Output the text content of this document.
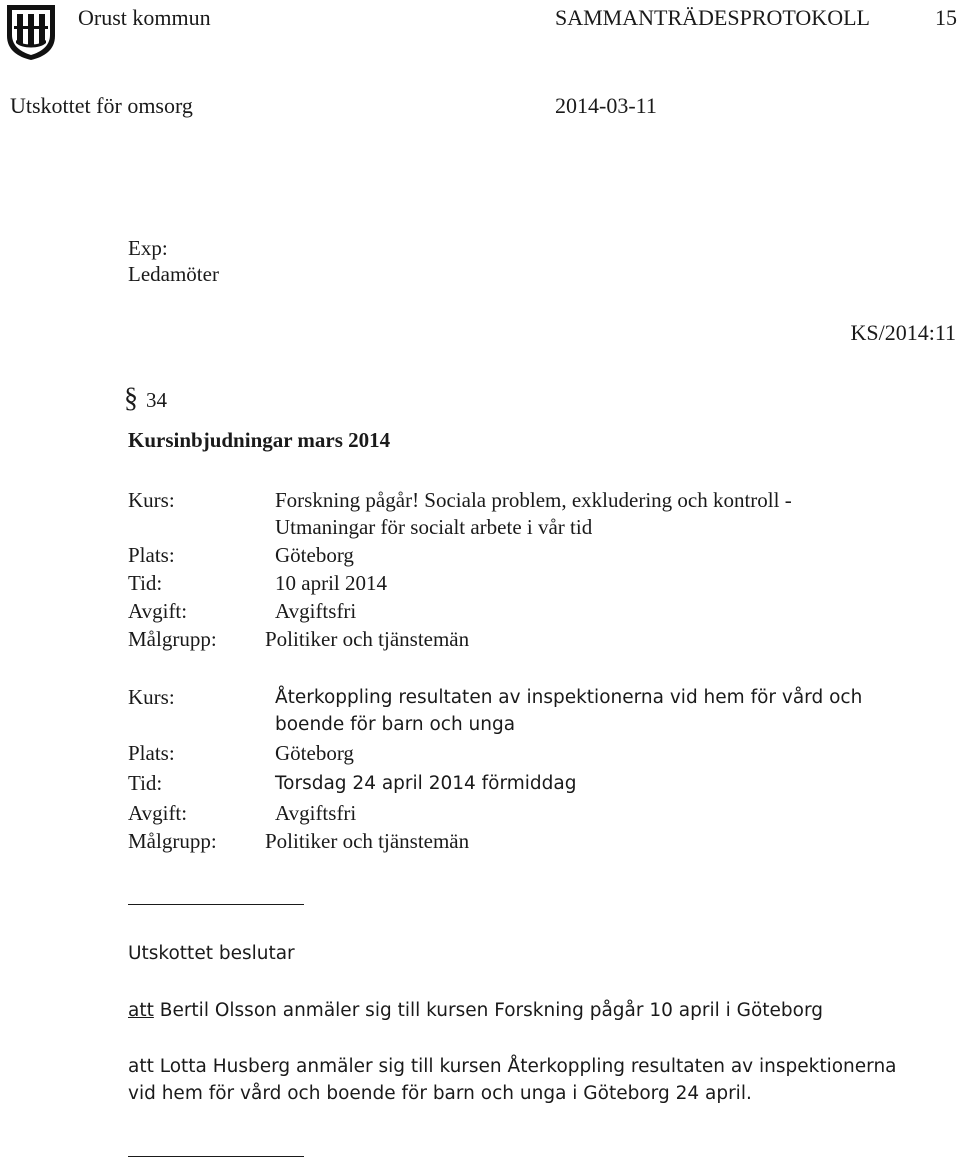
Orust kommun	SAMMANTRÄDESPROTOKOLL	15
Utskottet för omsorg	2014-03-11
Exp:
Ledamöter
KS/2014:11
§ 34
Kursinbjudningar mars 2014
Kurs:	Forskning pågår! Sociala problem, exkludering och kontroll -
Utmaningar för socialt arbete i vår tid
Plats:	Göteborg
Tid:	10 april 2014
Avgift:	Avgiftsfri
Målgrupp: Politiker och tjänstemän
Kurs:	Återkoppling resultaten av inspektionerna vid hem för vård och
boende för barn och unga
Plats:	Göteborg
Tid:	Torsdag 24 april 2014 förmiddag
Avgift:	Avgiftsfri
Målgrupp: Politiker och tjänstemän
Utskottet beslutar
att Bertil Olsson anmäler sig till kursen Forskning pågår 10 april i Göteborg
att Lotta Husberg anmäler sig till kursen Återkoppling resultaten av inspektionerna
vid hem för vård och boende för barn och unga i Göteborg 24 april.
